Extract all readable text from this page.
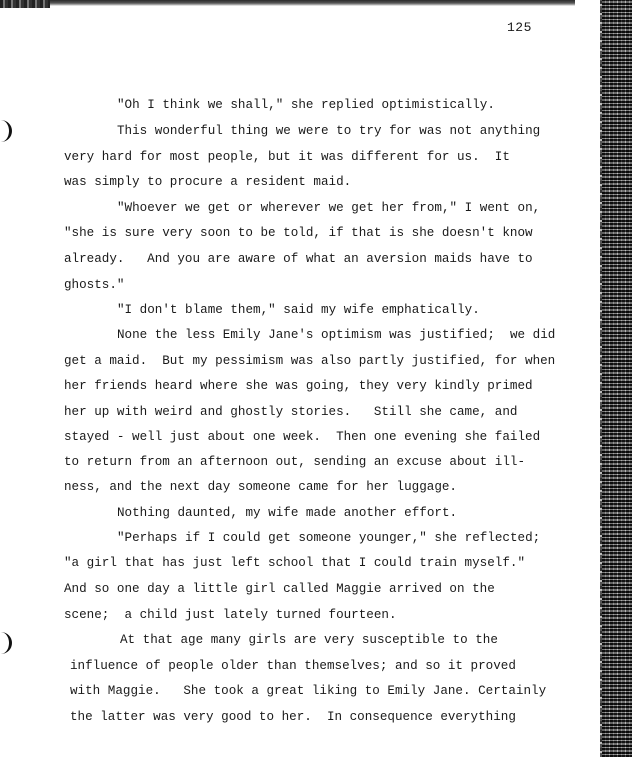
125

"Oh I think we shall," she replied optimistically.

This wonderful thing we were to try for was not anything

very hard for most people, but it was different for us.  It

was simply to procure a resident maid.

"Whoever we get or wherever we get her from," I went on,

"she is sure very soon to be told, if that is she doesn't know

already.   And you are aware of what an aversion maids have to

ghosts."

"I don't blame them," said my wife emphatically.

None the less Emily Jane's optimism was justified;  we did

get a maid.  But my pessimism was also partly justified, for when

her friends heard where she was going, they very kindly primed

her up with weird and ghostly stories.   Still she came, and

stayed - well just about one week.  Then one evening she failed

to return from an afternoon out, sending an excuse about ill-

ness, and the next day someone came for her luggage.

Nothing daunted, my wife made another effort.

"Perhaps if I could get someone younger," she reflected;

"a girl that has just left school that I could train myself."

And so one day a little girl called Maggie arrived on the

scene;  a child just lately turned fourteen.

At that age many girls are very susceptible to the

influence of people older than themselves; and so it proved

with Maggie.   She took a great liking to Emily Jane. Certainly

the latter was very good to her.  In consequence everything
